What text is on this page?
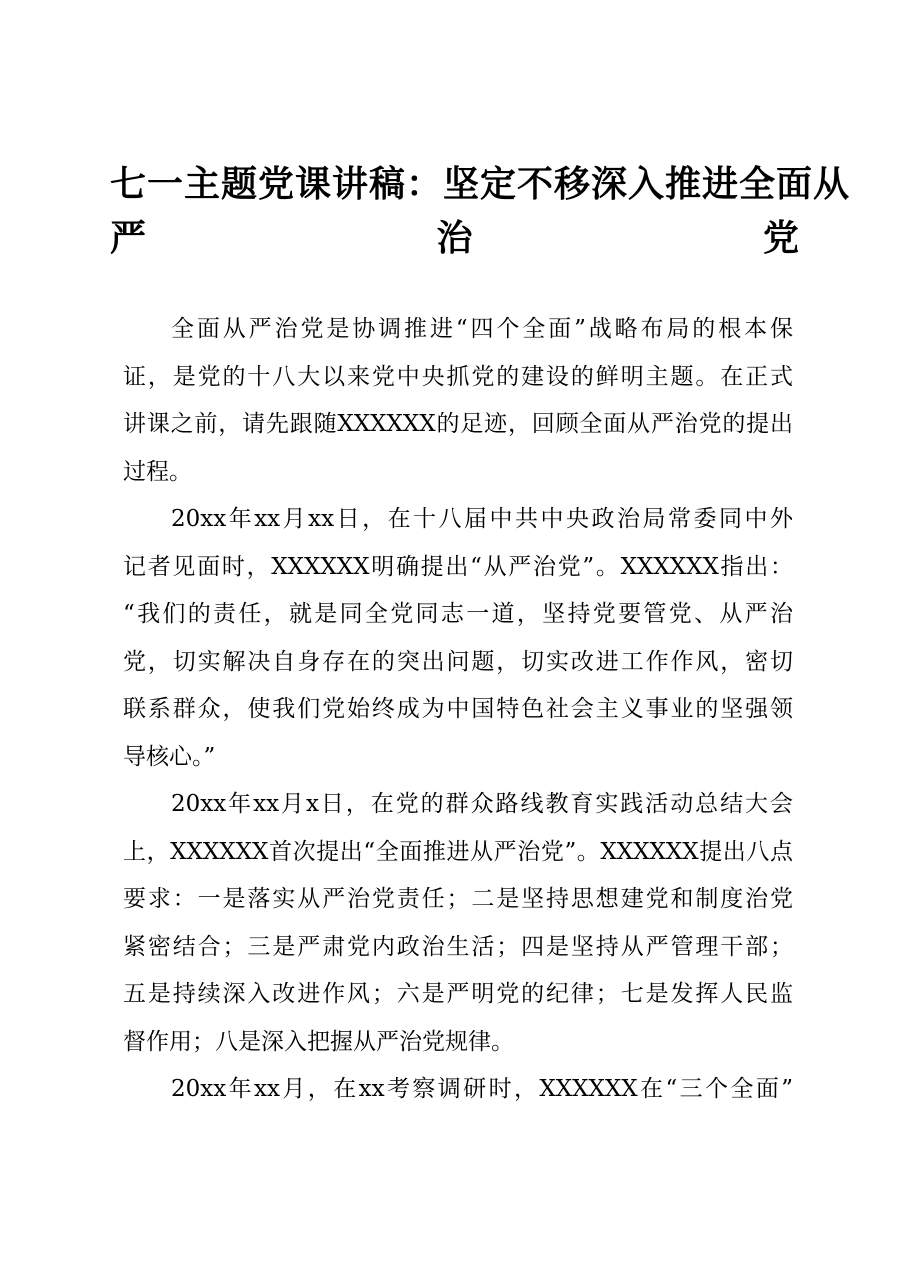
七一主题党课讲稿：坚定不移深入推进全面从
严治党
全面从严治党是协调推进“四个全面”战略布局的根本保
证，是党的十八大以来党中央抓党的建设的鲜明主题。在正式
讲课之前，请先跟随XXXXXX的足迹，回顾全面从严治党的提出
过程。
20xx年xx月xx日，在十八届中共中央政治局常委同中外
记者见面时，XXXXXX明确提出“从严治党”。XXXXXX指出：
“我们的责任，就是同全党同志一道，坚持党要管党、从严治
党，切实解决自身存在的突出问题，切实改进工作作风，密切
联系群众，使我们党始终成为中国特色社会主义事业的坚强领
导核心。”
20xx年xx月x日，在党的群众路线教育实践活动总结大会
上，XXXXXX首次提出“全面推进从严治党”。XXXXXX提出八点
要求：一是落实从严治党责任；二是坚持思想建党和制度治党
紧密结合；三是严肃党内政治生活；四是坚持从严管理干部；
五是持续深入改进作风；六是严明党的纪律；七是发挥人民监
督作用；八是深入把握从严治党规律。
20xx年xx月，在xx考察调研时，XXXXXX在“三个全面”
